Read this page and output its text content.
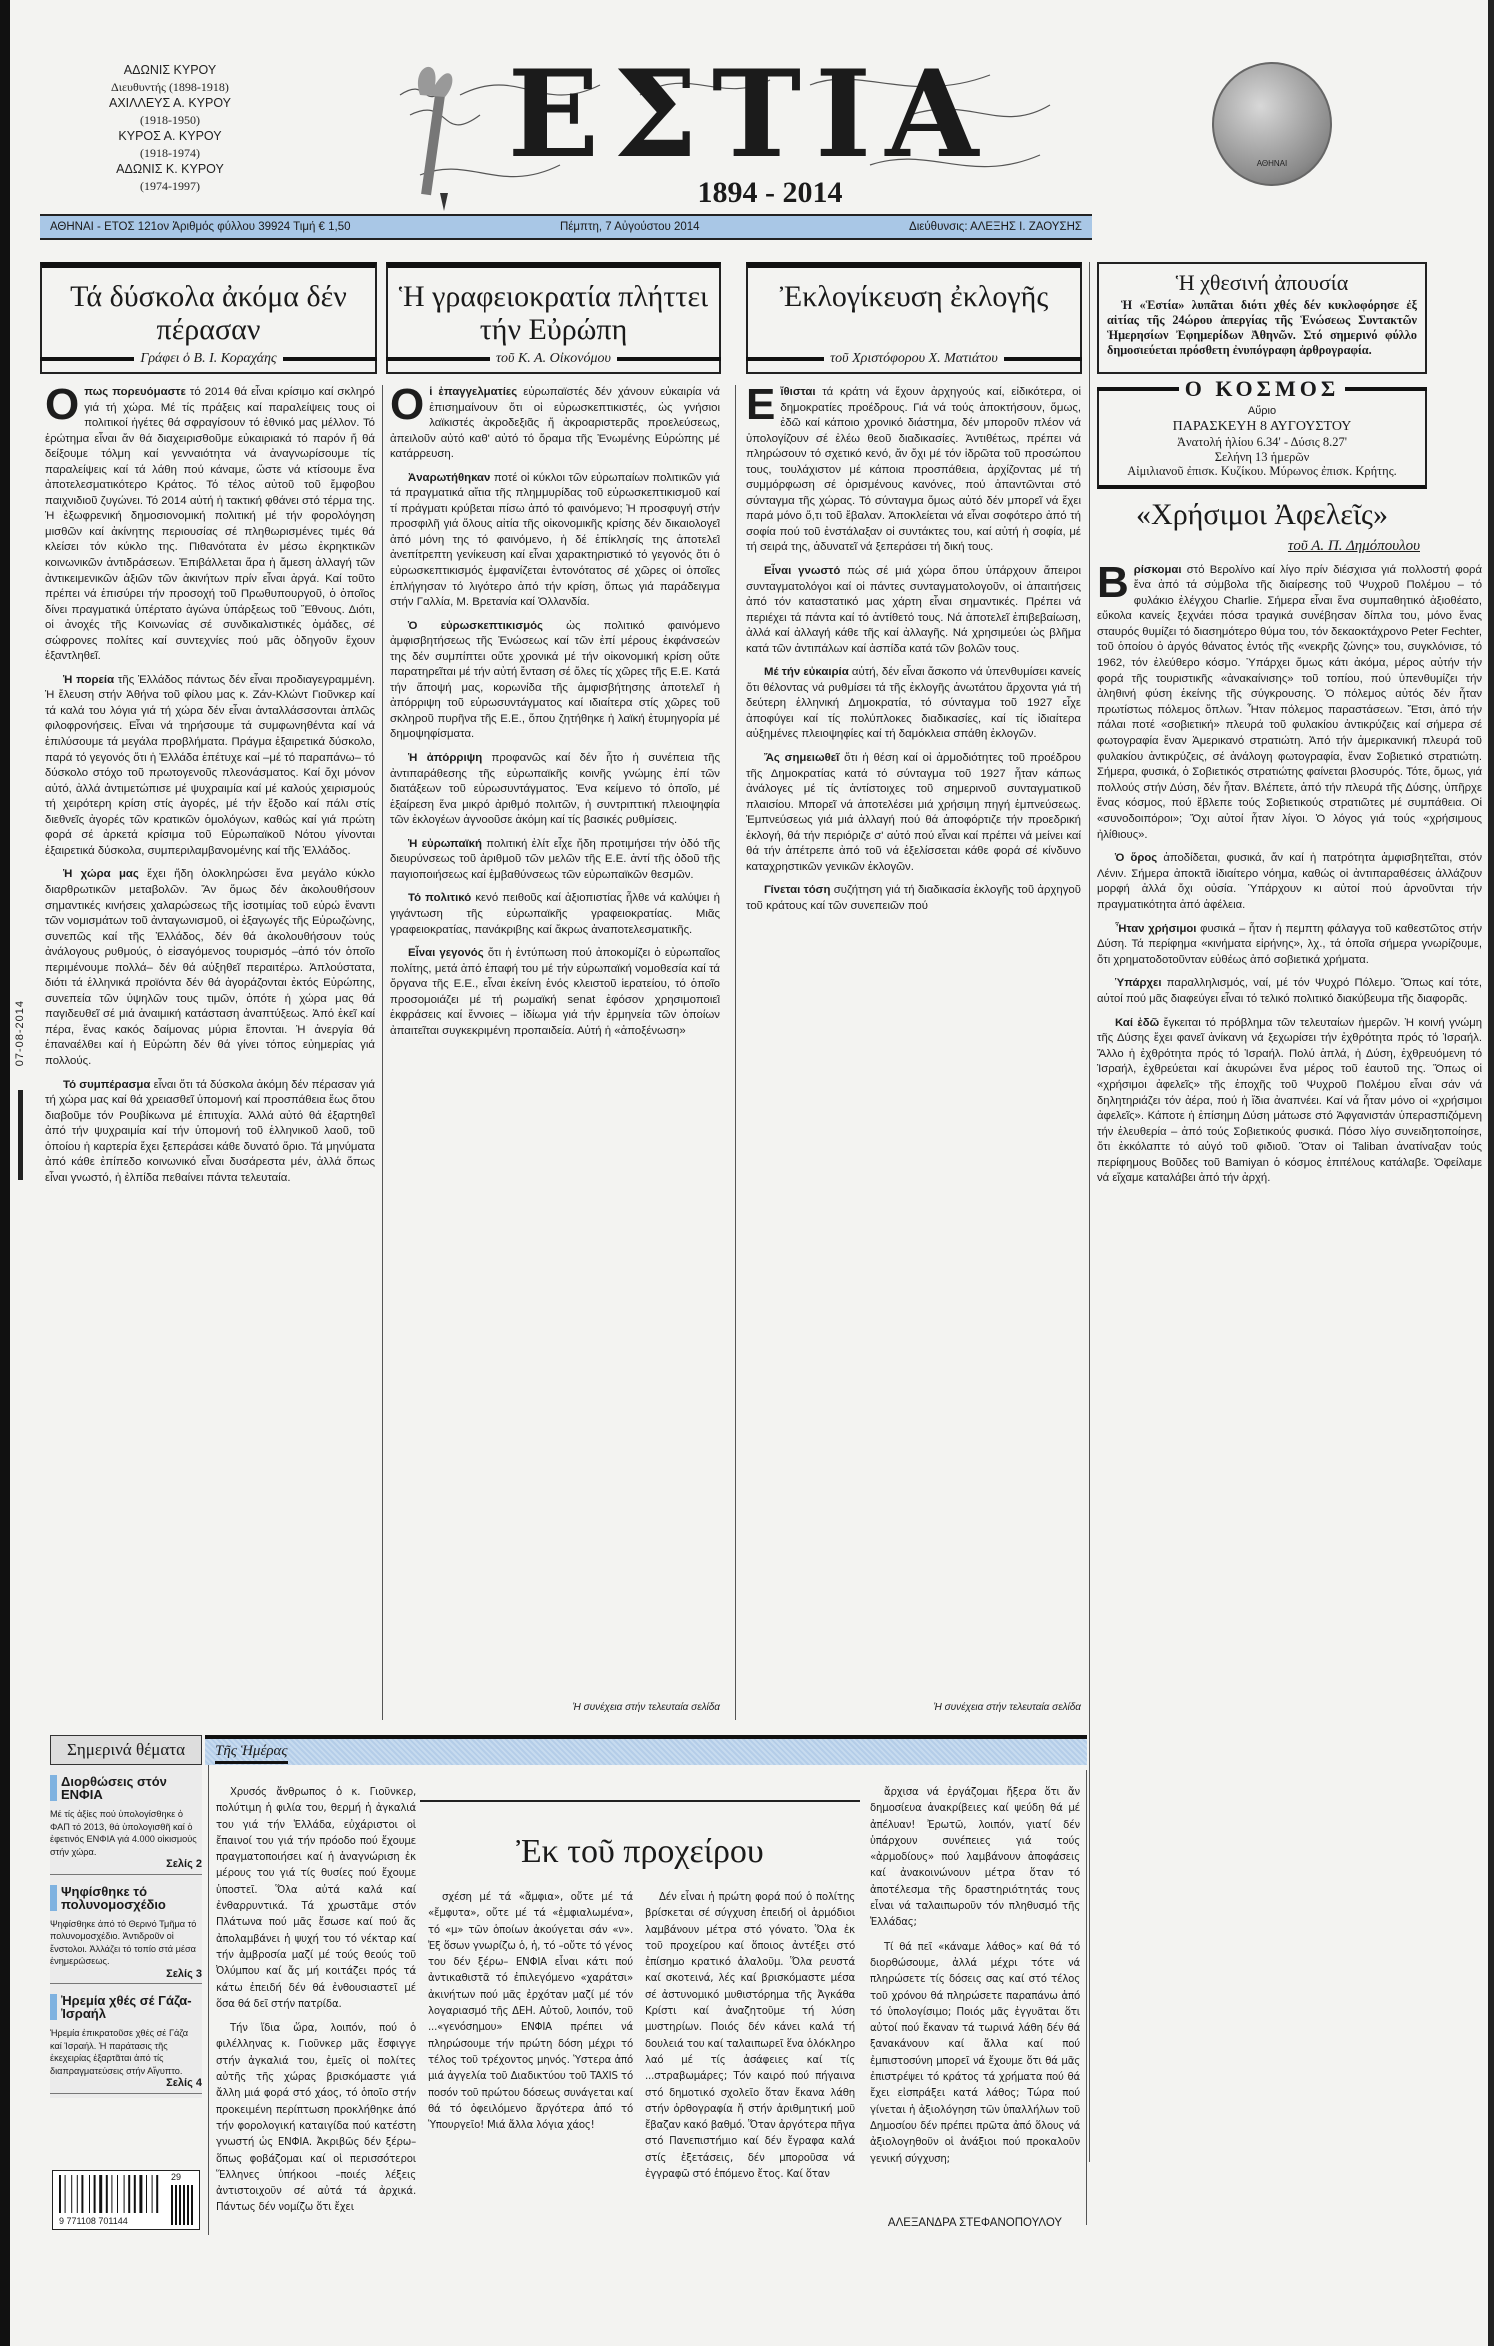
ΑΔΩΝΙΣ ΚΥΡΟΥ
Διευθυντής (1898-1918)
ΑΧΙΛΛΕΥΣ Α. ΚΥΡΟΥ
(1918-1950)
ΚΥΡΟΣ Α. ΚΥΡΟΥ
(1918-1974)
ΑΔΩΝΙΣ Κ. ΚΥΡΟΥ
(1974-1997)
ΕΣΤΙΑ
1894 - 2014
ΑΘΗΝΑΙ
ΑΘΗΝΑΙ - ΕΤΟΣ 121ον Ἀριθμός φύλλου 39924 Τιμή € 1,50	Πέμπτη, 7 Αὐγούστου 2014	Διεύθυνσις: ΑΛΕΞΗΣ Ι. ΖΑΟΥΣΗΣ
Τά δύσκολα ἀκόμα δέν πέρασαν
Γράφει ὁ Β. Ι. Κοραχάης
Ἡ γραφειοκρατία πλήττει τήν Εὐρώπη
τοῦ Κ. Α. Οἰκονόμου
Ἐκλογίκευση ἐκλογῆς
τοῦ Χριστόφορου Χ. Ματιάτου

Οπως πορευόμαστε τό 2014 θά εἶναι κρίσιμο καί σκληρό γιά τή χώρα. Μέ τίς πράξεις καί παραλείψεις τους οἱ πολιτικοί ἡγέτες θά σφραγίσουν τό ἐθνικό μας μέλλον. Τό ἐρώτημα εἶναι ἄν θά διαχειρισθοῦμε εὐκαιριακά τό παρόν ἤ θά δείξουμε τόλμη καί γενναιότητα νά ἀναγνωρίσουμε τίς παραλείψεις καί τά λάθη πού κάναμε, ὥστε νά κτίσουμε ἕνα ἀποτελεσματικότερο Κράτος. Τό τέλος αὐτοῦ τοῦ ἔμφοβου παιχνιδιοῦ ζυγώνει. Τό 2014 αὐτή ἡ τακτική φθάνει στό τέρμα της. Ἡ ἐξωφρενική δημοσιονομική πολιτική μέ τήν φορολόγηση μισθῶν καί ἀκίνητης περιουσίας σέ πληθωρισμένες τιμές θά κλείσει τόν κύκλο της. Πιθανότατα ἐν μέσω ἐκρηκτικῶν κοινωνικῶν ἀντιδράσεων. Ἐπιβάλλεται ἄρα ἡ ἄμεση ἀλλαγή τῶν ἀντικειμενικῶν ἀξιῶν τῶν ἀκινήτων πρίν εἶναι ἀργά. Καί τοῦτο πρέπει νά ἐπισύρει τήν προσοχή τοῦ Πρωθυπουργοῦ, ὁ ὁποῖος δίνει πραγματικά ὑπέρτατο ἀγώνα ὑπάρξεως τοῦ Ἔθνους. Διότι, οἱ ἀνοχές τῆς Κοινωνίας σέ συνδικαλιστικές ὁμάδες, σέ σώφρονες πολίτες καί συντεχνίες πού μᾶς ὁδηγοῦν ἔχουν ἐξαντληθεῖ.

Ἡ πορεία τῆς Ἑλλάδος πάντως δέν εἶναι προδιαγεγραμμένη. Ἡ ἔλευση στήν Ἀθήνα τοῦ φίλου μας κ. Ζάν-Κλώντ Γιοῦνκερ καί τά καλά του λόγια γιά τή χώρα δέν εἶναι ἀνταλλάσσονται ἁπλῶς φιλοφρονήσεις. Εἶναι νά τηρήσουμε τά συμφωνηθέντα καί νά ἐπιλύσουμε τά μεγάλα προβλήματα. Πράγμα ἐξαιρετικά δύσκολο, παρά τό γεγονός ὅτι ἡ Ἑλλάδα ἐπέτυχε καί –μέ τό παραπάνω– τό δύσκολο στόχο τοῦ πρωτογενοῦς πλεονάσματος. Καί ὄχι μόνον αὐτό, ἀλλά ἀντιμετώπισε μέ ψυχραιμία καί μέ καλούς χειρισμούς τή χειρότερη κρίση στίς ἀγορές, μέ τήν ἔξοδο καί πάλι στίς διεθνεῖς ἀγορές τῶν κρατικῶν ὁμολόγων, καθώς καί γιά πρώτη φορά σέ ἀρκετά κρίσιμα τοῦ Εὐρωπαϊκοῦ Νότου γίνονται ἐξαιρετικά δύσκολα, συμπεριλαμβανομένης καί τῆς Ἑλλάδος.

Ἡ χώρα μας ἔχει ἤδη ὁλοκληρώσει ἕνα μεγάλο κύκλο διαρθρωτικῶν μεταβολῶν. Ἄν ὅμως δέν ἀκολουθήσουν σημαντικές κινήσεις χαλαρώσεως τῆς ἰσοτιμίας τοῦ εὐρώ ἔναντι τῶν νομισμάτων τοῦ ἀνταγωνισμοῦ, οἱ ἐξαγωγές τῆς Εὐρωζώνης, συνεπῶς καί τῆς Ἑλλάδος, δέν θά ἀκολουθήσουν τούς ἀνάλογους ρυθμούς, ὁ εἰσαγόμενος τουρισμός –ἀπό τόν ὁποῖο περιμένουμε πολλά– δέν θά αὐξηθεῖ περαιτέρω. Ἁπλούστατα, διότι τά ἑλληνικά προϊόντα δέν θά ἀγοράζονται ἐκτός Εὐρώπης, συνεπεία τῶν ὑψηλῶν τους τιμῶν, ὁπότε ἡ χώρα μας θά παγιδευθεῖ σέ μιά ἀναιμική κατάσταση ἀναπτύξεως. Ἀπό ἐκεῖ καί πέρα, ἕνας κακός δαίμονας μύρια ἕπονται. Ἡ ἀνεργία θά ἐπαναέλθει καί ἡ Εὐρώπη δέν θά γίνει τόπος εὐημερίας γιά πολλούς.

Τό συμπέρασμα εἶναι ὅτι τά δύσκολα ἀκόμη δέν πέρασαν γιά τή χώρα μας καί θά χρειασθεῖ ὑπομονή καί προσπάθεια ἕως ὅτου διαβοῦμε τόν Ρουβίκωνα μέ ἐπιτυχία. Ἀλλά αὐτό θά ἐξαρτηθεῖ ἀπό τήν ψυχραιμία καί τήν ὑπομονή τοῦ ἑλληνικοῦ λαοῦ, τοῦ ὁποίου ἡ καρτερία ἔχει ξεπεράσει κάθε δυνατό ὅριο. Τά μηνύματα ἀπό κάθε ἐπίπεδο κοινωνικό εἶναι δυσάρεστα μέν, ἀλλά ὅπως εἶναι γνωστό, ἡ ἐλπίδα πεθαίνει πάντα τελευταία.

Οἱ ἐπαγγελματίες εὐρωπαϊστές δέν χάνουν εὐκαιρία νά ἐπισημαίνουν ὅτι οἱ εὐρωσκεπτικιστές, ὡς γνήσιοι λαϊκιστές ἀκροδεξιᾶς ἤ ἀκροαριστερᾶς προελεύσεως, ἀπειλοῦν αὐτό καθ' αὐτό τό ὅραμα τῆς Ἑνωμένης Εὐρώπης μέ κατάρρευση.

Ἀναρωτήθηκαν ποτέ οἱ κύκλοι τῶν εὐρωπαίων πολιτικῶν γιά τά πραγματικά αἴτια τῆς πλημμυρίδας τοῦ εὐρωσκεπτικισμοῦ καί τί πράγματι κρύβεται πίσω ἀπό τό φαινόμενο; Ἡ προσφυγή στήν προσφιλῆ γιά ὅλους αἰτία τῆς οἰκονομικῆς κρίσης δέν δικαιολογεῖ ἀπό μόνη της τό φαινόμενο, ἡ δέ ἐπίκλησίς της ἀποτελεῖ ἀνεπίτρεπτη γενίκευση καί εἶναι χαρακτηριστικό τό γεγονός ὅτι ὁ εὐρωσκεπτικισμός ἐμφανίζεται ἐντονότατος σέ χῶρες οἱ ὁποῖες ἐπλήγησαν τό λιγότερο ἀπό τήν κρίση, ὅπως γιά παράδειγμα στήν Γαλλία, Μ. Βρετανία καί Ὀλλανδία.

Ὁ εὐρωσκεπτικισμός ὡς πολιτικό φαινόμενο ἀμφισβητήσεως τῆς Ἑνώσεως καί τῶν ἐπί μέρους ἐκφάνσεών της δέν συμπίπτει οὔτε χρονικά μέ τήν οἰκονομική κρίση οὔτε παρατηρεῖται μέ τήν αὐτή ἔνταση σέ ὅλες τίς χῶρες τῆς Ε.Ε. Κατά τήν ἄποψή μας, κορωνίδα τῆς ἀμφισβήτησης ἀποτελεῖ ἡ ἀπόρριψη τοῦ εὐρωσυντάγματος καί ιδιαίτερα στίς χῶρες τοῦ σκληροῦ πυρῆνα τῆς Ε.Ε., ὅπου ζητήθηκε ἡ λαϊκή ἐτυμηγορία μέ δημοψηφίσματα.

Ἡ ἀπόρριψη προφανῶς καί δέν ἦτο ἡ συνέπεια τῆς ἀντιπαράθεσης τῆς εὐρωπαϊκῆς κοινῆς γνώμης ἐπί τῶν διατάξεων τοῦ εὐρωσυντάγματος. Ἐνα κείμενο τό ὁποῖο, μέ ἐξαίρεση ἕνα μικρό ἀριθμό πολιτῶν, ἡ συντριπτική πλειοψηφία τῶν ἐκλογέων ἀγνοοῦσε ἀκόμη καί τίς βασικές ρυθμίσεις.

Ἡ εὐρωπαϊκή πολιτική ἐλίτ εἶχε ἤδη προτιμήσει τήν ὁδό τῆς διευρύνσεως τοῦ ἀριθμοῦ τῶν μελῶν τῆς Ε.Ε. ἀντί τῆς ὁδοῦ τῆς παγιοποιήσεως καί ἐμβαθύνσεως τῶν εὐρωπαϊκῶν θεσμῶν.

Τό πολιτικό κενό πειθοῦς καί ἀξιοπιστίας ἦλθε νά καλύψει ἡ γιγάντωση τῆς εὐρωπαϊκῆς γραφειοκρατίας. Μιᾶς γραφειοκρατίας, πανάκριβης καί ἄκρως ἀναποτελεσματικῆς.

Εἶναι γεγονός ὅτι ἡ ἐντύπωση πού ἀποκομίζει ὁ εὐρωπαῖος πολίτης, μετά ἀπό ἐπαφή του μέ τήν εὐρωπαϊκή νομοθεσία καί τά ὄργανα τῆς Ε.Ε., εἶναι ἐκείνη ἑνός κλειστοῦ ἱερατείου, τό ὁποῖο προσομοιάζει μέ τή ρωμαϊκή senat ἐφόσον χρησιμοποιεῖ ἐκφράσεις καί ἔννοιες – ἰδίωμα γιά τήν ἑρμηνεία τῶν ὁποίων ἀπαιτεῖται συγκεκριμένη προπαιδεία. Αὐτή ἡ «ἀποξένωση»

Ἡ συνέχεια στήν τελευταία σελίδα

Εἴθισται τά κράτη νά ἔχουν ἀρχηγούς καί, εἰδικότερα, οἱ δημοκρατίες προέδρους. Γιά νά τούς ἀποκτήσουν, ὅμως, ἐδῶ καί κάποιο χρονικό διάστημα, δέν μποροῦν πλέον νά ὑπολογίζουν σέ ἐλέω θεοῦ διαδικασίες. Ἀντιθέτως, πρέπει νά πληρώσουν τό σχετικό κενό, ἄν ὄχι μέ τόν ἱδρῶτα τοῦ προσώπου τους, τουλάχιστον μέ κάποια προσπάθεια, ἀρχίζοντας μέ τή συμμόρφωση σέ ὁρισμένους κανόνες, πού ἀπαντῶνται στό σύνταγμα τῆς χώρας. Τό σύνταγμα ὅμως αὐτό δέν μπορεῖ νά ἔχει παρά μόνο ὅ,τι τοῦ ἔβαλαν. Ἀποκλείεται νά εἶναι σοφότερο ἀπό τή σοφία πού τοῦ ἐνστάλαξαν οἱ συντάκτες του, καί αὐτή ἡ σοφία, μέ τή σειρά της, ἀδυνατεῖ νά ξεπεράσει τή δική τους.

Εἶναι γνωστό πώς σέ μιά χώρα ὅπου ὑπάρχουν ἄπειροι συνταγματολόγοι καί οἱ πάντες συνταγματολογοῦν, οἱ ἀπαιτήσεις ἀπό τόν καταστατικό μας χάρτη εἶναι σημαντικές. Πρέπει νά περιέχει τά πάντα καί τό ἀντίθετό τους. Νά ἀποτελεῖ ἐπιβεβαίωση, ἀλλά καί ἀλλαγή κάθε τῆς καί ἀλλαγῆς. Νά χρησιμεύει ὡς βλῆμα κατά τῶν ἀντιπάλων καί ἀσπίδα κατά τῶν βολῶν τους.

Μέ τήν εὐκαιρία αὐτή, δέν εἶναι ἄσκοπο νά ὑπενθυμίσει κανείς ὅτι θέλοντας νά ρυθμίσει τά τῆς ἐκλογῆς ἀνωτάτου ἄρχοντα γιά τή δεύτερη ἑλληνική Δημοκρατία, τό σύνταγμα τοῦ 1927 εἶχε ἀποφύγει καί τίς πολύπλοκες διαδικασίες, καί τίς ἰδιαίτερα αὐξημένες πλειοψηφίες καί τή δαμόκλεια σπάθη ἐκλογῶν.

Ἄς σημειωθεῖ ὅτι ἡ θέση καί οἱ ἁρμοδιότητες τοῦ προέδρου τῆς Δημοκρατίας κατά τό σύνταγμα τοῦ 1927 ἦταν κάπως ἀνάλογες μέ τίς ἀντίστοιχες τοῦ σημερινοῦ συνταγματικοῦ πλαισίου. Μπορεῖ νά ἀποτελέσει μιά χρήσιμη πηγή ἐμπνεύσεως. Ἐμπνεύσεως γιά μιά ἀλλαγή πού θά ἀποφόρτιζε τήν προεδρική ἐκλογή, θά τήν περιόριζε σ' αὐτό πού εἶναι καί πρέπει νά μείνει καί θά τήν ἀπέτρεπε ἀπό τοῦ νά ἐξελίσσεται κάθε φορά σέ κίνδυνο καταχρηστικῶν γενικῶν ἐκλογῶν.

Γίνεται τόση συζήτηση γιά τή διαδικασία ἐκλογῆς τοῦ ἀρχηγοῦ τοῦ κράτους καί τῶν συνεπειῶν πού

Ἡ συνέχεια στήν τελευταία σελίδα
07-08-2014
Ἡ χθεσινή ἀπουσία
Ἡ «Ἑστία» λυπᾶται διότι χθές δέν κυκλοφόρησε ἐξ αἰτίας τῆς 24ώρου ἀπεργίας τῆς Ἑνώσεως Συντακτῶν Ἡμερησίων Ἐφημερίδων Ἀθηνῶν. Στό σημερινό φύλλο δημοσιεύεται πρόσθετη ἐνυπόγραφη ἀρθρογραφία.
Ο ΚΟΣΜΟΣ
Αὔριο
ΠΑΡΑΣΚΕΥΗ 8 ΑΥΓΟΥΣΤΟΥ
Ἀνατολή ἡλίου 6.34' - Δύσις 8.27'
Σελήνη 13 ἡμερῶν
Αἰμιλιανοῦ ἐπισκ. Κυζίκου. Μύρωνος ἐπισκ. Κρήτης.
«Χρήσιμοι Ἀφελεῖς»
τοῦ Α. Π. Δημόπουλου

Βρίσκομαι στό Βερολίνο καί λίγο πρίν διέσχισα γιά πολλοστή φορά ἕνα ἀπό τά σύμβολα τῆς διαίρεσης τοῦ Ψυχροῦ Πολέμου – τό φυλάκιο ἐλέγχου Charlie. Σήμερα εἶναι ἕνα συμπαθητικό ἀξιοθέατο, εὔκολα κανείς ξεχνάει πόσα τραγικά συνέβησαν δίπλα του, μόνο ἕνας σταυρός θυμίζει τό διασημότερο θύμα του, τόν δεκαοκτάχρονο Peter Fechter, τοῦ ὁποίου ὁ ἀργός θάνατος ἐντός τῆς «νεκρῆς ζώνης» του, συγκλόνισε, τό 1962, τόν ἐλεύθερο κόσμο. Ὑπάρχει ὅμως κάτι ἀκόμα, μέρος αὐτήν τήν φορά τῆς τουριστικῆς «ἀνακαίνισης» τοῦ τοπίου, πού ὑπενθυμίζει τήν ἀληθινή φύση ἐκείνης τῆς σύγκρουσης. Ὁ πόλεμος αὐτός δέν ἦταν πρωτίστως πόλεμος ὅπλων. Ἦταν πόλεμος παραστάσεων. Ἔτσι, ἀπό τήν πάλαι ποτέ «σοβιετική» πλευρά τοῦ φυλακίου ἀντικρύζεις καί σήμερα σέ φωτογραφία ἕναν Ἀμερικανό στρατιώτη. Ἀπό τήν ἀμερικανική πλευρά τοῦ φυλακίου ἀντικρύζεις, σέ ἀνάλογη φωτογραφία, ἕναν Σοβιετικό στρατιώτη. Σήμερα, φυσικά, ὁ Σοβιετικός στρατιώτης φαίνεται βλοσυρός. Τότε, ὅμως, γιά πολλούς στήν Δύση, δέν ἦταν. Βλέπετε, ἀπό τήν πλευρά τῆς Δύσης, ὑπῆρχε ἕνας κόσμος, πού ἔβλεπε τούς Σοβιετικούς στρατιῶτες μέ συμπάθεια. Οἱ «συνοδοιπόροι»; Ὄχι αὐτοί ἦταν λίγοι. Ὁ λόγος γιά τούς «χρήσιμους ἠλίθιους».

Ὁ ὅρος ἀποδίδεται, φυσικά, ἄν καί ἡ πατρότητα ἀμφισβητεῖται, στόν Λένιν. Σήμερα ἀποκτᾶ ἰδιαίτερο νόημα, καθώς οἱ ἀντιπαραθέσεις ἀλλάζουν μορφή ἀλλά ὄχι οὐσία. Ὑπάρχουν κι αὐτοί πού ἀρνοῦνται τήν πραγματικότητα ἀπό ἀφέλεια.

Ἦταν χρήσιμοι φυσικά – ἦταν ἡ πεμπτη φάλαγγα τοῦ καθεστῶτος στήν Δύση. Τά περίφημα «κινήματα εἰρήνης», λχ., τά ὁποῖα σήμερα γνωρίζουμε, ὅτι χρηματοδοτοῦνταν εὐθέως ἀπό σοβιετικά χρήματα.

Ὑπάρχει παραλληλισμός, ναί, μέ τόν Ψυχρό Πόλεμο. Ὅπως καί τότε, αὐτοί πού μᾶς διαφεύγει εἶναι τό τελικό πολιτικό διακύβευμα τῆς διαφορᾶς.

Καί ἐδῶ ἔγκειται τό πρόβλημα τῶν τελευταίων ἡμερῶν. Ἡ κοινή γνώμη τῆς Δύσης ἔχει φανεῖ ἀνίκανη νά ξεχωρίσει τήν ἐχθρότητα πρός τό Ἰσραήλ. Ἄλλο ἡ ἐχθρότητα πρός τό Ἰσραήλ. Πολύ ἁπλά, ἡ Δύση, ἐχθρευόμενη τό Ἰσραήλ, ἐχθρεύεται καί ἀκυρώνει ἕνα μέρος τοῦ ἑαυτοῦ της. Ὅπως οἱ «χρήσιμοι ἀφελεῖς» τῆς ἐποχῆς τοῦ Ψυχροῦ Πολέμου εἶναι σάν νά δηλητηριάζει τόν ἀέρα, πού ἡ ἴδια ἀναπνέει. Καί νά ἦταν μόνο οἱ «χρήσιμοι ἀφελεῖς». Κάποτε ἡ ἐπίσημη Δύση μάτωσε στό Ἀφγανιστάν ὑπερασπιζόμενη τήν ἐλευθερία – ἀπό τούς Σοβιετικούς φυσικά. Πόσο λίγο συνειδητοποίησε, ὅτι ἐκκόλαπτε τό αὐγό τοῦ φιδιοῦ. Ὅταν οἱ Taliban ἀνατίναξαν τούς περίφημους Βοῦδες τοῦ Bamiyan ὁ κόσμος ἐπιτέλους κατάλαβε. Ὀφείλαμε νά εἴχαμε καταλάβει ἀπό τήν ἀρχή.

Σημερινά θέματα
Διορθώσεις στόν ΕΝΦΙΑ
Μέ τίς ἀξίες πού ὑπολογίσθηκε ὁ ΦΑΠ τό 2013, θά ὑπολογισθῆ καί ὁ ἐφετινός ΕΝΦΙΑ γιά 4.000 οἰκισμούς στήν χώρα.
Σελίς 2
Ψηφίσθηκε τό πολυνομοσχέδιο
Ψηφίσθηκε ἀπό τό Θερινό Τμῆμα τό πολυνομοσχέδιο. Ἀντιδροῦν οἱ ἔνστολοι. Ἀλλάζει τό τοπίο στά μέσα ἐνημερώσεως.
Σελίς 3
Ἠρεμία χθές σέ Γάζα-Ἰσραήλ
Ἠρεμία ἐπικρατοῦσε χθές σέ Γάζα καί Ἰσραήλ. Ἡ παράτασις τῆς ἐκεχειρίας ἐξαρτᾶται ἀπό τίς διαπραγματεύσεις στήν Αἴγυπτο.
Σελίς 4
9 771108 701144
29
Τῆς Ἡμέρας
Ἐκ τοῦ προχείρου

Χρυσός ἄνθρωπος ὁ κ. Γιοῦνκερ, πολύτιμη ἡ φιλία του, θερμή ἡ ἀγκαλιά του γιά τήν Ἑλλάδα, εὐχάριστοι οἱ ἔπαινοί του γιά τήν πρόοδο πού ἔχουμε πραγματοποιήσει καί ἡ ἀναγνώριση ἐκ μέρους του γιά τίς θυσίες πού ἔχουμε ὑποστεῖ. Ὅλα αὐτά καλά καί ἐνθαρρυντικά. Τά χρωστᾶμε στόν Πλάτωνα πού μᾶς ἔσωσε καί πού ἄς ἀπολαμβάνει ἡ ψυχή του τό νέκταρ καί τήν ἀμβροσία μαζί μέ τούς θεούς τοῦ Ὀλύμπου καί ἄς μή κοιτάζει πρός τά κάτω ἐπειδή δέν θά ἐνθουσιαστεῖ μέ ὅσα θά δεῖ στήν πατρίδα.

Τήν ἴδια ὥρα, λοιπόν, πού ὁ φιλέλληνας κ. Γιοῦνκερ μᾶς ἔσφιγγε στήν ἀγκαλιά του, ἐμεῖς οἱ πολίτες αὐτῆς τῆς χώρας βρισκόμαστε γιά ἄλλη μιά φορά στό χάος, τό ὁποῖο στήν προκειμένη περίπτωση προκλήθηκε ἀπό τήν φορολογική καταιγίδα πού κατέστη γνωστή ὡς ΕΝΦΙΑ. Ἀκριβῶς δέν ξέρω– ὅπως φοβάζομαι καί οἱ περισσότεροι Ἕλληνες ὑπήκοοι –ποιές λέξεις ἀντιστοιχοῦν σέ αὐτά τά ἀρχικά. Πάντως δέν νομίζω ὅτι ἔχει

σχέση μέ τά «ἄμφια», οὔτε μέ τά «ἔμφυτα», οὔτε μέ τά «ἐμφιαλωμένα», τό «μ» τῶν ὁποίων ἀκούγεται σάν «ν». Ἐξ ὅσων γνωρίζω ὁ, ἡ, τό –οὔτε τό γένος του δέν ξέρω– ΕΝΦΙΑ εἶναι κάτι πού ἀντικαθιστᾶ τό ἐπιλεγόμενο «χαράτσι» ἀκινήτων πού μᾶς ἐρχόταν μαζί μέ τόν λογαριασμό τῆς ΔΕΗ. Αὐτοῦ, λοιπόν, τοῦ ...«γενόσημου» ΕΝΦΙΑ πρέπει νά πληρώσουμε τήν πρώτη δόση μέχρι τό τέλος τοῦ τρέχοντος μηνός. Ὑστερα ἀπό μιά ἀγγελία τοῦ Διαδικτύου τοῦ TAXIS τό ποσόν τοῦ πρώτου δόσεως συνάγεται καί θά τό ὀφειλόμενο ἄργότερα ἀπό τό Ὑπουργεῖο! Μιά ἄλλα λόγια χάος!

Δέν εἶναι ἡ πρώτη φορά πού ὁ πολίτης βρίσκεται σέ σύγχυση ἐπειδή οἱ ἁρμόδιοι λαμβάνουν μέτρα στό γόνατο. Ὅλα ἐκ τοῦ προχείρου καί ὅποιος ἀντέξει στό ἐπίσημο κρατικό ἀλαλοῦμ. Ὅλα ρευστά καί σκοτεινά, λές καί βρισκόμαστε μέσα σέ ἀστυνομικό μυθιστόρημα τῆς Ἀγκάθα Κρίστι καί ἀναζητοῦμε τή λύση μυστηρίων. Ποιός δέν κάνει καλά τή δουλειά του καί ταλαιπωρεῖ ἕνα ὁλόκληρο λαό μέ τίς ἀσάφειες καί τίς ...στραβωμάρες; Τόν καιρό πού πήγαινα στό δημοτικό σχολεῖο ὅταν ἔκανα λάθη στήν ὀρθογραφία ἤ στήν ἀριθμητική μοῦ ἔβαζαν κακό βαθμό. Ὅταν ἀργότερα πῆγα στό Πανεπιστήμιο καί δέν ἔγραφα καλά στίς ἐξετάσεις, δέν μποροῦσα νά ἐγγραφῶ στό ἑπόμενο ἔτος. Καί ὅταν

ἄρχισα νά ἐργάζομαι ἤξερα ὅτι ἄν δημοσίευα ἀνακρίβειες καί ψεύδη θά μέ ἀπέλυαν! Ἐρωτῶ, λοιπόν, γιατί δέν ὑπάρχουν συνέπειες γιά τούς «ἀρμοδίους» πού λαμβάνουν ἀποφάσεις καί ἀνακοινώνουν μέτρα ὅταν τό ἀποτέλεσμα τῆς δραστηριότητάς τους εἶναι νά ταλαιπωροῦν τόν πληθυσμό τῆς Ἑλλάδας;

Τί θά πεῖ «κάναμε λάθος» καί θά τό διορθώσουμε, ἀλλά μέχρι τότε νά πληρώσετε τίς δόσεις σας καί στό τέλος τοῦ χρόνου θά πληρώσετε παραπάνω ἀπό τό ὑπολογίσιμο; Ποιός μᾶς ἐγγυᾶται ὅτι αὐτοί πού ἔκαναν τά τωρινά λάθη δέν θά ξανακάνουν καί ἄλλα καί πού ἐμπιστοσύνη μπορεῖ νά ἔχουμε ὅτι θά μᾶς ἐπιστρέψει τό κράτος τά χρήματα πού θά ἔχει εἰσπράξει κατά λάθος; Τώρα πού γίνεται ἡ ἀξιολόγηση τῶν ὑπαλλήλων τοῦ Δημοσίου δέν πρέπει πρῶτα ἀπό ὅλους νά ἀξιολογηθοῦν οἱ ἀνάξιοι πού προκαλοῦν γενική σύγχυση;

ΑΛΕΞΑΝΔΡΑ ΣΤΕΦΑΝΟΠΟΥΛΟΥ
